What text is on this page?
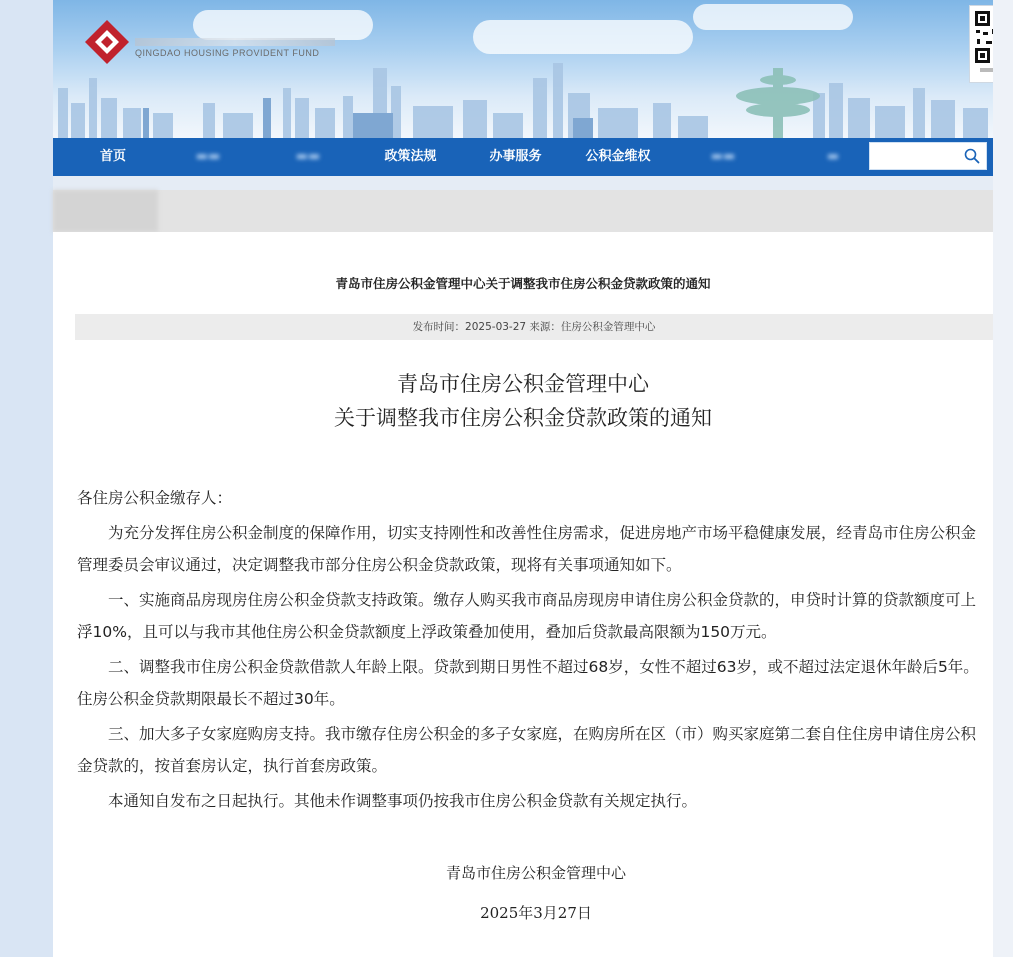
QINGDAO HOUSING PROVIDENT FUND
首页	▬▬	▬▬	政策法规	办事服务	公积金维权	▬▬	▬
青岛市住房公积金管理中心关于调整我市住房公积金贷款政策的通知
发布时间：2025-03-27 来源：住房公积金管理中心
青岛市住房公积金管理中心
关于调整我市住房公积金贷款政策的通知

各住房公积金缴存人：

为充分发挥住房公积金制度的保障作用，切实支持刚性和改善性住房需求，促进房地产市场平稳健康发展，经青岛市住房公积金管理委员会审议通过，决定调整我市部分住房公积金贷款政策，现将有关事项通知如下。

一、实施商品房现房住房公积金贷款支持政策。缴存人购买我市商品房现房申请住房公积金贷款的，申贷时计算的贷款额度可上浮10%，且可以与我市其他住房公积金贷款额度上浮政策叠加使用，叠加后贷款最高限额为150万元。

二、调整我市住房公积金贷款借款人年龄上限。贷款到期日男性不超过68岁，女性不超过63岁，或不超过法定退休年龄后5年。住房公积金贷款期限最长不超过30年。

三、加大多子女家庭购房支持。我市缴存住房公积金的多子女家庭，在购房所在区（市）购买家庭第二套自住住房申请住房公积金贷款的，按首套房认定，执行首套房政策。

本通知自发布之日起执行。其他未作调整事项仍按我市住房公积金贷款有关规定执行。

青岛市住房公积金管理中心
2025年3月27日
